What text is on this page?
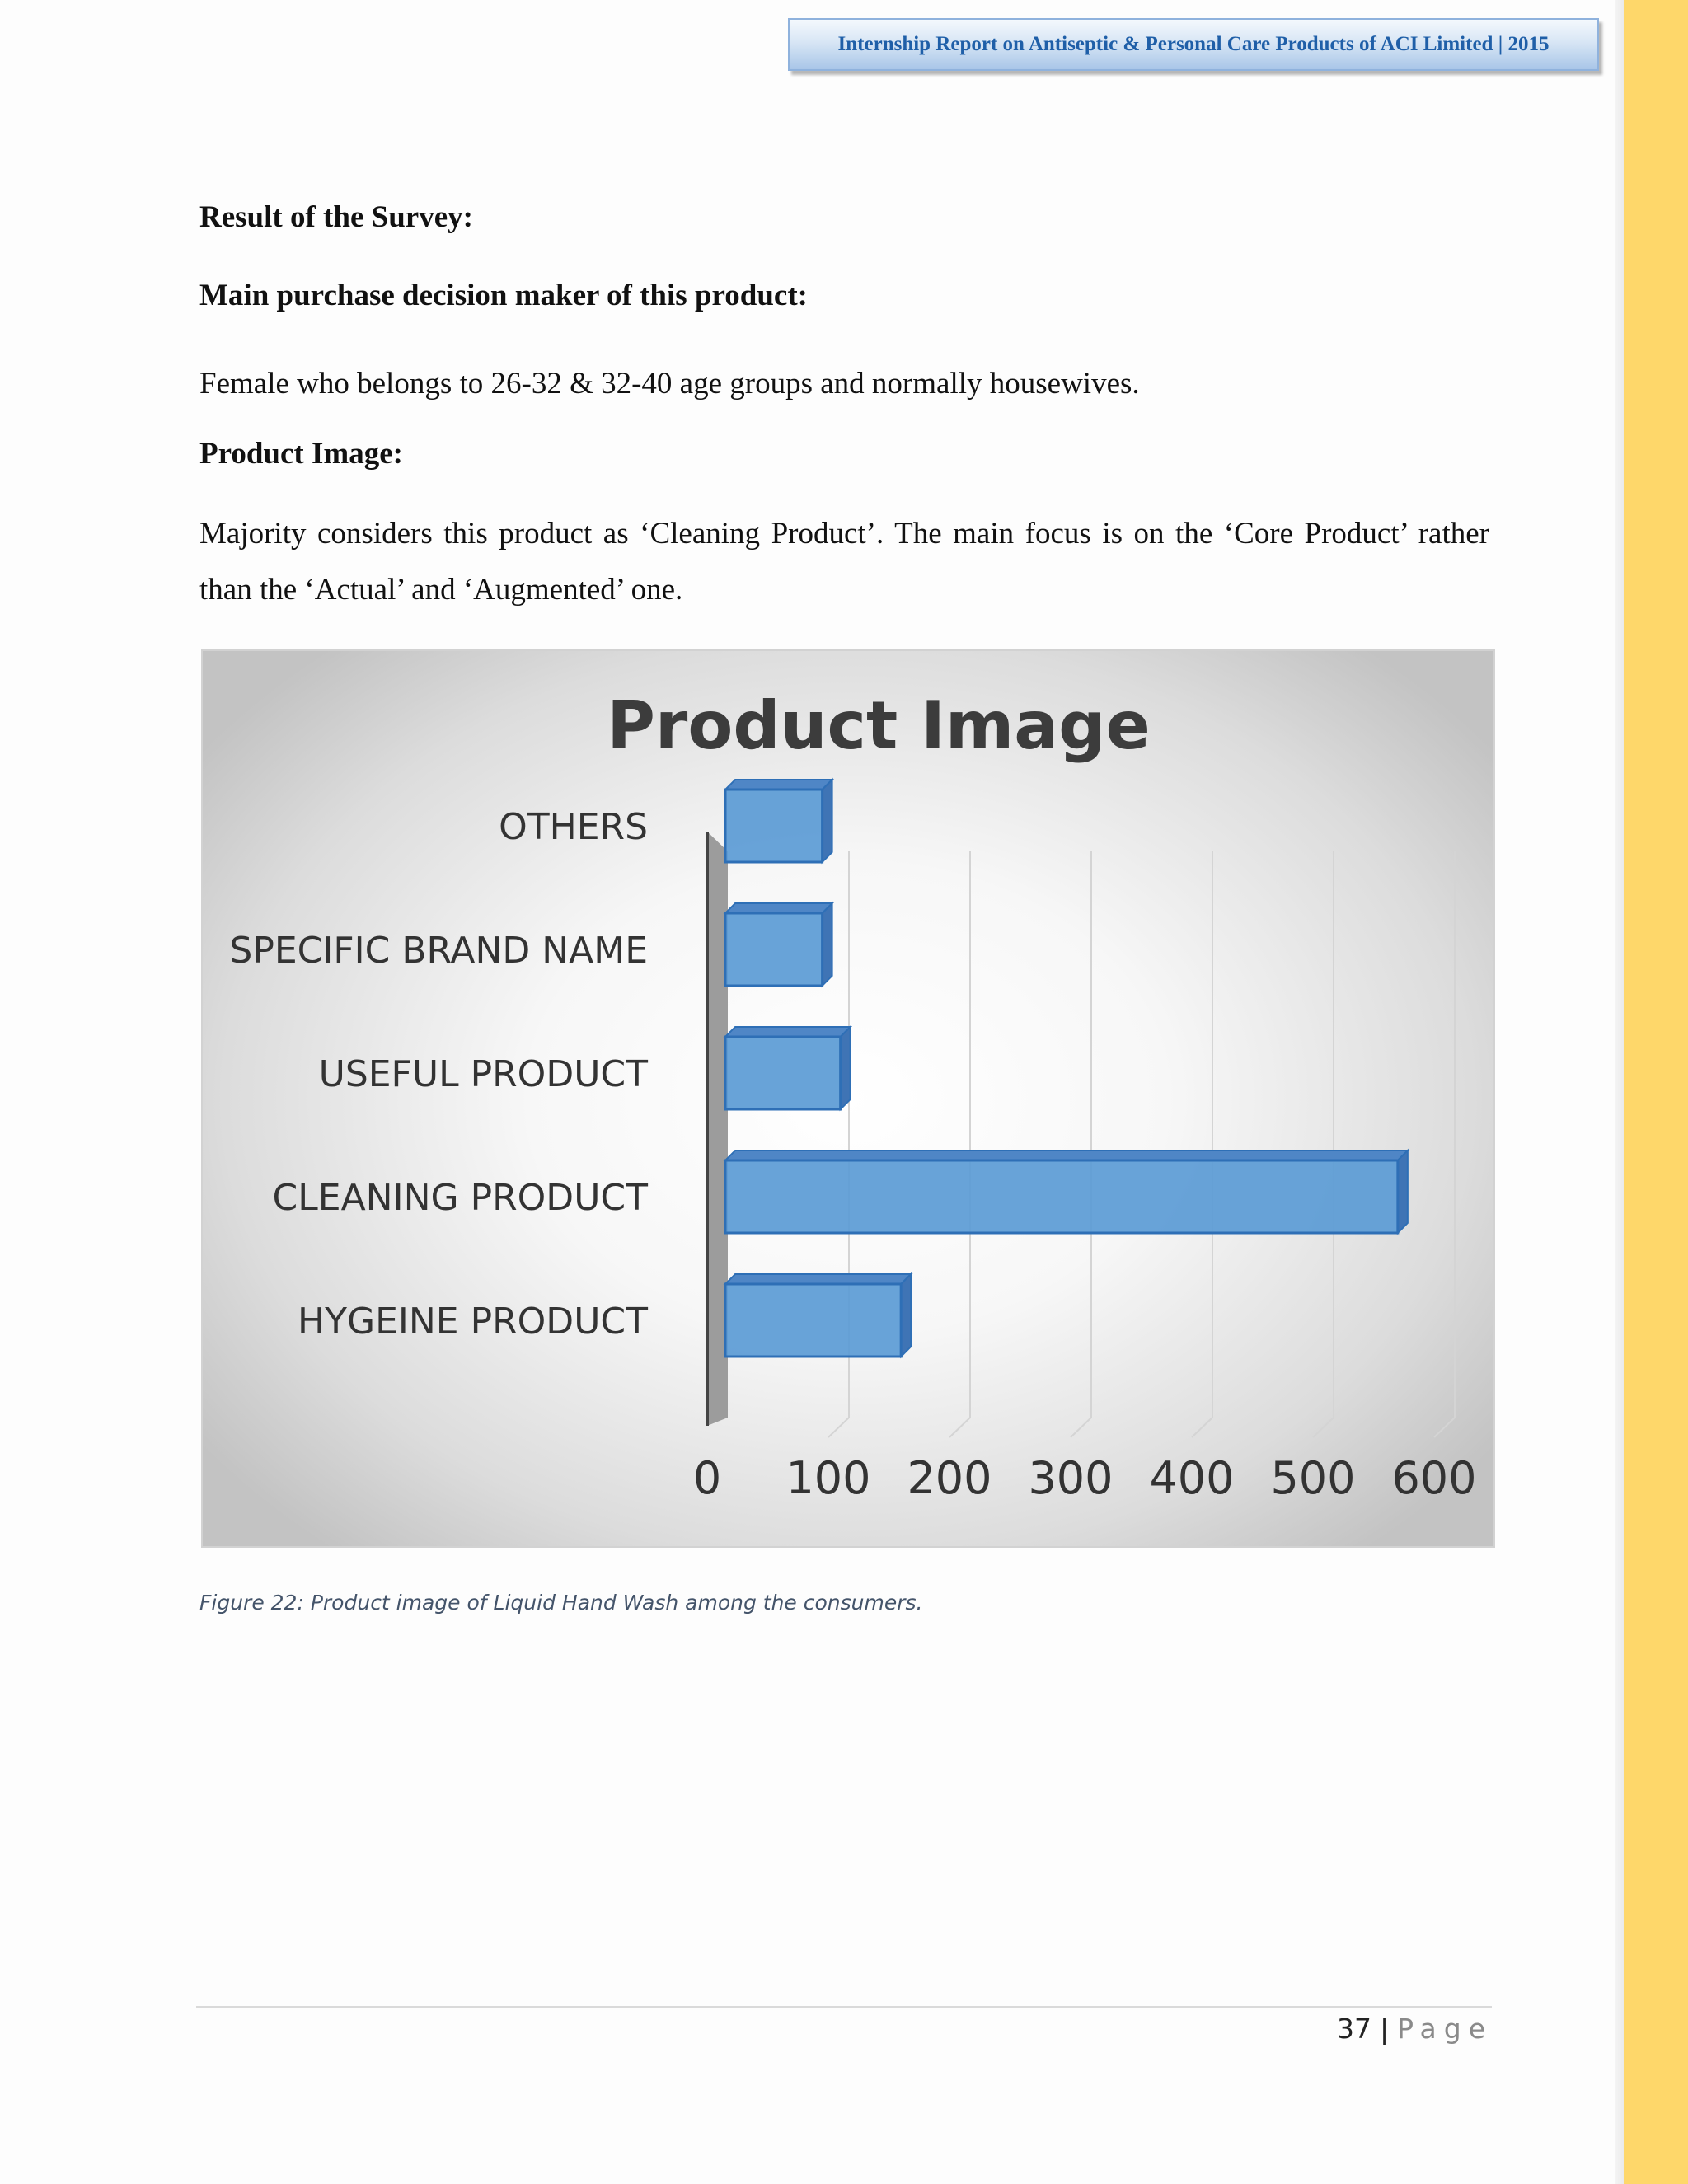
Internship Report on Antiseptic & Personal Care Products of ACI Limited | 2015
Result of the Survey:
Main purchase decision maker of this product:
Female who belongs to 26-32 & 32-40 age groups and normally housewives.
Product Image:
Majority considers this product as ‘Cleaning Product’. The main focus is on the ‘Core Product’ rather than the ‘Actual’ and ‘Augmented’ one.
Product Image
OTHERS
SPECIFIC BRAND NAME
USEFUL PRODUCT
CLEANING PRODUCT
HYGEINE PRODUCT
0 100 200 300 400 500 600
Figure 22: Product image of Liquid Hand Wash among the consumers.
37 | Page
